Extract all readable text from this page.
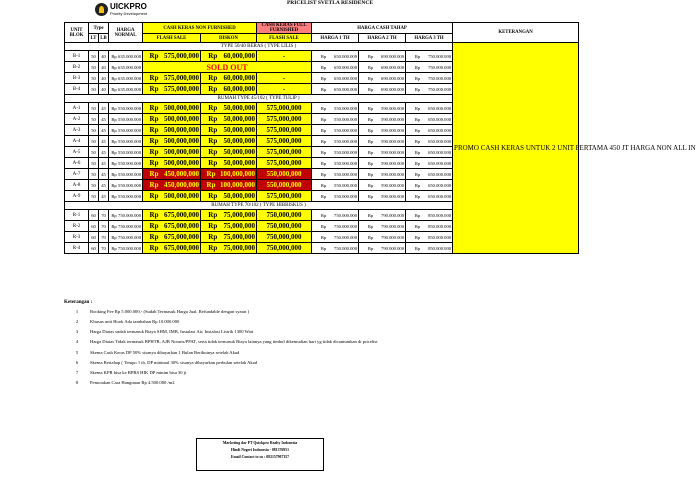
UICKPRO
Priority Development
PRICELIST SVETLA RESIDENCE
UNIT BLOK	Type		HARGA NORMAL	CASH KERAS NON FURNISHED		CASH KERAS FULL FURNISHED	HARGA CASH TAHAP			KETERANGAN
	LT	LB		FLASH SALE	DISKON	FLASH SALE	HARGA 1 TH	HARGA 2 TH	HARGA 3 TH	

TYPE 50/40 BERAS ( TYPE LILIS )										PROMO CASH KERAS UNTUK 2 UNIT PERTAMA 450 JT HARGA NON ALL IN
B-1	50	40	Rp 635.000.000	Rp 575,000,000	Rp 60,000,000	-	Rp 650.000.000	Rp 690.000.000	Rp 750.000.000	

B-2	50	40	Rp 635.000.000	SOLD OUT			Rp 650.000.000	Rp 690.000.000	Rp 750.000.000	

B-3	50	40	Rp 635.000.000	Rp 575,000,000	Rp 60,000,000	-	Rp 650.000.000	Rp 690.000.000	Rp 750.000.000	

B-4	50	40	Rp 635.000.000	Rp 575,000,000	Rp 60,000,000	-	Rp 650.000.000	Rp 690.000.000	Rp 750.000.000	

RUMAH TYPE 45/102 ( TYPE TULIP )										
A-1	50	45	Rp 550.000.000	Rp 500,000,000	Rp 50,000,000	575,000,000	Rp 550.000.000	Rp 590.000.000	Rp 650.000.000	

A-2	50	45	Rp 550.000.000	Rp 500,000,000	Rp 50,000,000	575,000,000	Rp 550.000.000	Rp 590.000.000	Rp 650.000.000	

A-3	50	45	Rp 550.000.000	Rp 500,000,000	Rp 50,000,000	575,000,000	Rp 550.000.000	Rp 590.000.000	Rp 650.000.000	

A-4	50	45	Rp 550.000.000	Rp 500,000,000	Rp 50,000,000	575,000,000	Rp 550.000.000	Rp 590.000.000	Rp 650.000.000	

A-5	50	45	Rp 550.000.000	Rp 500,000,000	Rp 50,000,000	575,000,000	Rp 550.000.000	Rp 590.000.000	Rp 650.000.000	

A-6	50	45	Rp 550.000.000	Rp 500,000,000	Rp 50,000,000	575,000,000	Rp 550.000.000	Rp 590.000.000	Rp 650.000.000	

A-7	50	45	Rp 550.000.000	Rp 450,000,000	Rp 100,000,000	550,000,000	Rp 550.000.000	Rp 590.000.000	Rp 650.000.000	

A-8	50	45	Rp 550.000.000	Rp 450,000,000	Rp 100,000,000	550,000,000	Rp 550.000.000	Rp 590.000.000	Rp 650.000.000	

A-9	50	45	Rp 550.000.000	Rp 500,000,000	Rp 50,000,000	575,000,000	Rp 550.000.000	Rp 590.000.000	Rp 650.000.000	

RUMAH TYPE 70/102 ( TYPE HIBBISKUS )										
R-1	60	70	Rp 750.000.000	Rp 675,000,000	Rp 75,000,000	750,000,000	Rp 750.000.000	Rp 790.000.000	Rp 850.000.000	

R-2	60	70	Rp 750.000.000	Rp 675,000,000	Rp 75,000,000	750,000,000	Rp 750.000.000	Rp 790.000.000	Rp 850.000.000	

R-3	60	70	Rp 750.000.000	Rp 675,000,000	Rp 75,000,000	750,000,000	Rp 750.000.000	Rp 790.000.000	Rp 850.000.000	

R-4	60	70	Rp 750.000.000	Rp 675,000,000	Rp 75,000,000	750,000,000	Rp 750.000.000	Rp 790.000.000	Rp 850.000.000	
Keterangan :
1	Booking Fee Rp 5.000.000,- (Sudah Termasuk Harga Jual, Refundable dengan syarat )
2	Khusus unit Hook Ada tambahan Rp 10.000.000
3	Harga Diatas sudah termasuk Biaya SHM, IMB, Instalasi Air, Instalasi Listrik 1300 Watt
4	Harga Diatas Tidak termasuk BPHTB, AJB Notaris/PPAT, serta tidak termasuk Biaya lainnya yang timbul dikemudian hari yg tidak dicantumkan di pricelist
5	Skema Cash Keras DP 50% sisanya dibayarkan 1 Bulan Berikutnya setelah Akad
6	Skema Bertahap ( Tempo 1 th, DP minimal 30% sisanya dibayarkan perbulan setelah Akad
7	Skema KPR bisa ke BPRS HIK DP minim bisa 30 jt
8	Pemotakan Cara Hangunan Rp 4.500.000 /m2
Marketing dar PT Quickpro Realty Indonesia
Hindi Negeri Indonesia - 081376951
Email Contact to us : 082157907357
